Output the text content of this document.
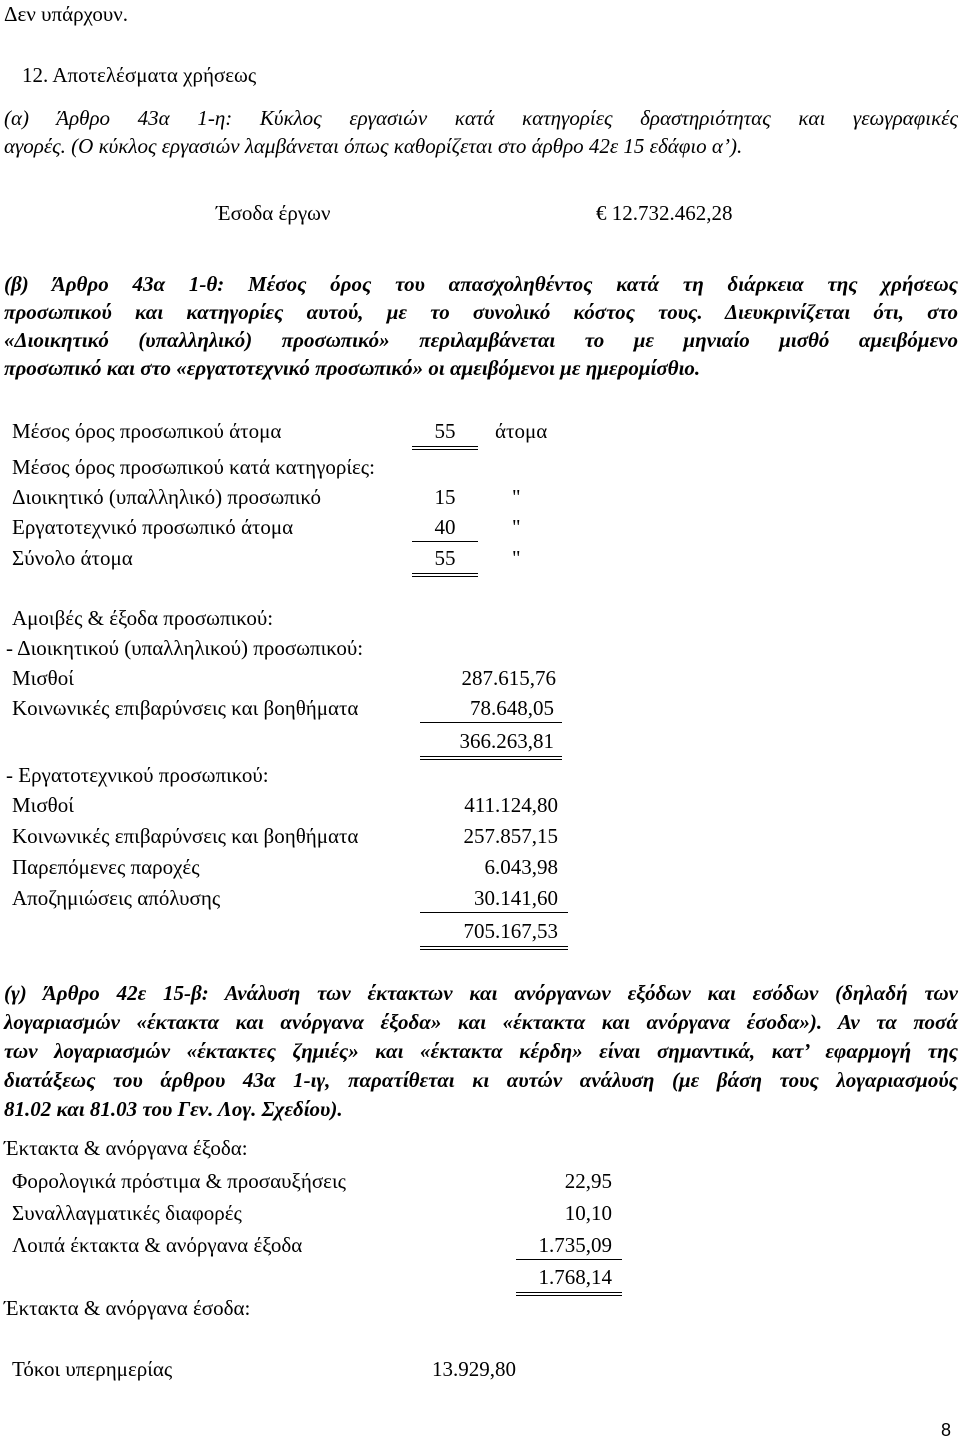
Δεν υπάρχουν.
12. Αποτελέσματα χρήσεως
(α) Άρθρο 43α 1-η: Κύκλος εργασιών κατά κατηγορίες δραστηριότητας και γεωγραφικές
αγορές. (Ο κύκλος εργασιών λαμβάνεται όπως καθορίζεται στο άρθρο 42ε 15 εδάφιο α’).
Έσοδα έργων	€ 12.732.462,28
(β) Άρθρο 43α 1-θ: Μέσος όρος του απασχοληθέντος κατά τη διάρκεια της χρήσεως
προσωπικού και κατηγορίες αυτού, με το συνολικό κόστος τους. Διευκρινίζεται ότι, στο
«Διοικητικό (υπαλληλικό) προσωπικό» περιλαμβάνεται το με μηνιαίο μισθό αμειβόμενο
προσωπικό και στο «εργατοτεχνικό προσωπικό» οι αμειβόμενοι με ημερομίσθιο.
Μέσος όρος προσωπικού άτομα	55	άτομα
Μέσος όρος προσωπικού κατά κατηγορίες:
Διοικητικό (υπαλληλικό) προσωπικό	15	"
Εργατοτεχνικό προσωπικό άτομα	40	"
Σύνολο άτομα	55	"
Αμοιβές & έξοδα προσωπικού:
- Διοικητικού (υπαλληλικού) προσωπικού:
Μισθοί	287.615,76
Κοινωνικές επιβαρύνσεις και βοηθήματα	78.648,05
366.263,81
- Εργατοτεχνικού προσωπικού:
Μισθοί	411.124,80
Κοινωνικές επιβαρύνσεις και βοηθήματα	257.857,15
Παρεπόμενες παροχές	6.043,98
Αποζημιώσεις απόλυσης	30.141,60
705.167,53
(γ) Άρθρο 42ε 15-β: Ανάλυση των έκτακτων και ανόργανων εξόδων και εσόδων (δηλαδή των
λογαριασμών «έκτακτα και ανόργανα έξοδα» και «έκτακτα και ανόργανα έσοδα»). Αν τα ποσά
των λογαριασμών «έκτακτες ζημιές» και «έκτακτα κέρδη» είναι σημαντικά, κατ’ εφαρμογή της
διατάξεως του άρθρου 43α 1-ιγ, παρατίθεται κι αυτών ανάλυση (με βάση τους λογαριασμούς
81.02 και 81.03 του Γεν. Λογ. Σχεδίου).
Έκτακτα & ανόργανα έξοδα:
Φορολογικά πρόστιμα & προσαυξήσεις	22,95
Συναλλαγματικές διαφορές	10,10
Λοιπά έκτακτα & ανόργανα έξοδα	1.735,09
1.768,14
Έκτακτα & ανόργανα έσοδα:
Τόκοι υπερημερίας	13.929,80
8
